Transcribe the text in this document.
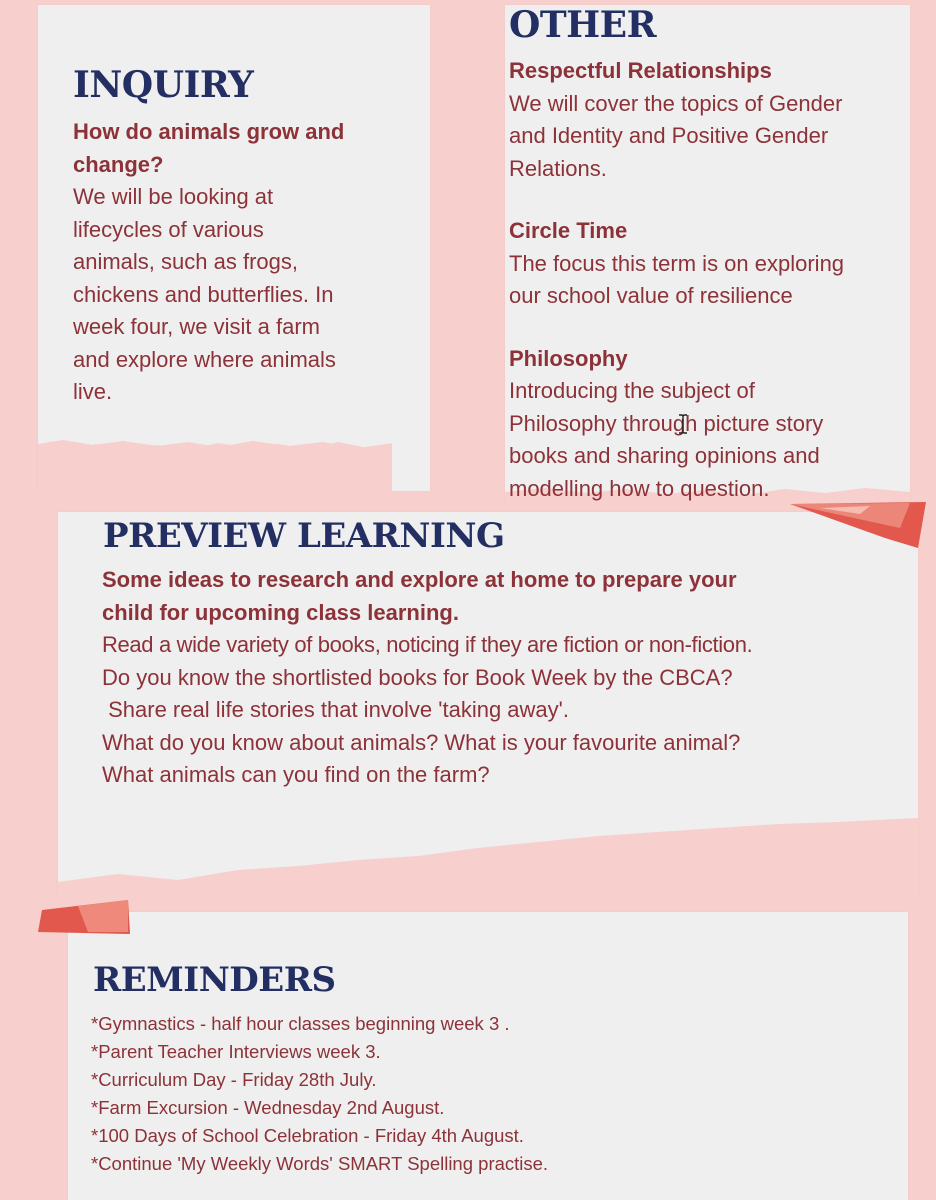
INQUIRY

How do animals grow and change?

We will be looking at

lifecycles of various

animals, such as frogs,

chickens and butterflies. In

week four, we visit a farm

and explore where animals

live.

OTHER

Respectful Relationships

We will cover the topics of Gender

and Identity and Positive Gender

Relations.

Circle Time

The focus this term is on exploring

our school value of resilience

Philosophy

Introducing the subject of

Philosophy through picture story

books and sharing opinions and

modelling how to question.

PREVIEW LEARNING

Some ideas to research and explore at home to prepare your

child for upcoming class learning.

Read a wide variety of books, noticing if they are fiction or non-fiction.

Do you know the shortlisted books for Book Week by the CBCA?

Share real life stories that involve 'taking away'.

What do you know about animals? What is your favourite animal?

What animals can you find on the farm?

REMINDERS

*Gymnastics - half hour classes beginning week 3 .

*Parent Teacher Interviews week 3.

*Curriculum Day - Friday 28th July.

*Farm Excursion - Wednesday 2nd August.

*100 Days of School Celebration - Friday 4th August.

*Continue 'My Weekly Words' SMART Spelling practise.
